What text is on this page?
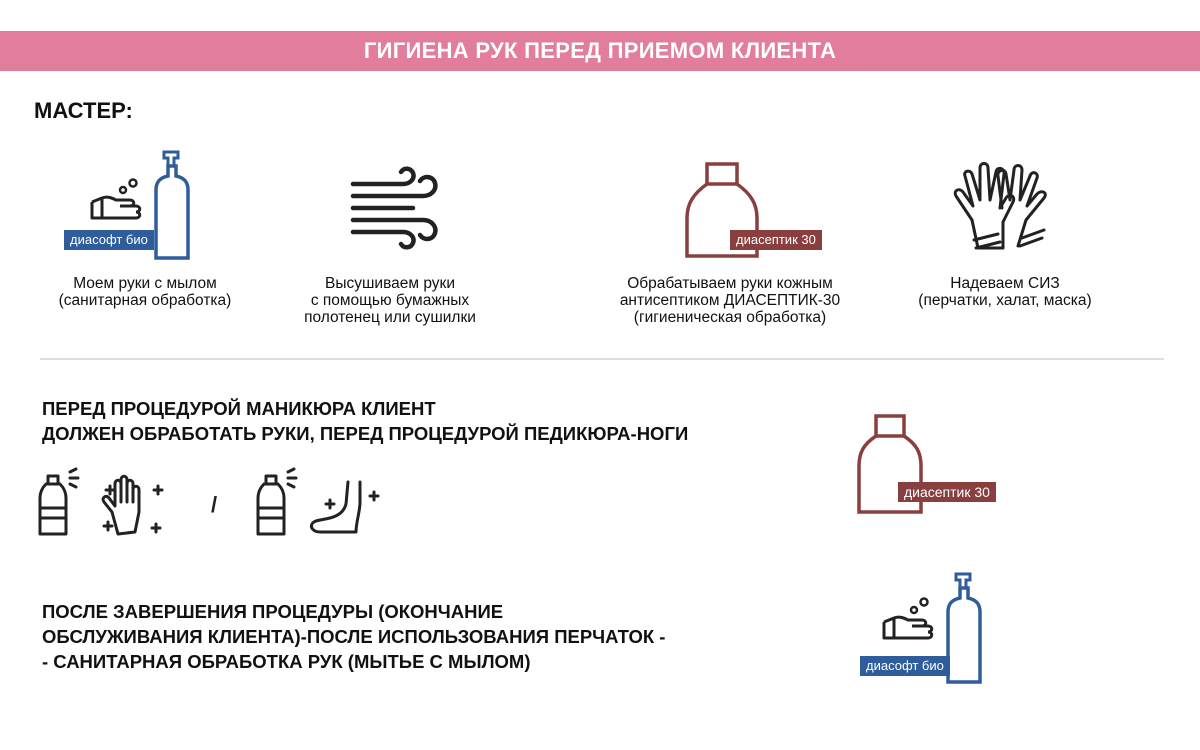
ГИГИЕНА РУК ПЕРЕД ПРИЕМОМ КЛИЕНТА
МАСТЕР:
диасофт био
Моем руки с мылом
(санитарная обработка)
Высушиваем руки
с помощью бумажных
полотенец или сушилки
диасептик 30
Обрабатываем руки кожным
антисептиком ДИАСЕПТИК-30
(гигиеническая обработка)
Надеваем СИЗ
(перчатки, халат, маска)
ПЕРЕД ПРОЦЕДУРОЙ МАНИКЮРА КЛИЕНТ
ДОЛЖЕН ОБРАБОТАТЬ РУКИ, ПЕРЕД ПРОЦЕДУРОЙ ПЕДИКЮРА-НОГИ
/	диасептик 30
ПОСЛЕ ЗАВЕРШЕНИЯ ПРОЦЕДУРЫ (ОКОНЧАНИЕ
ОБСЛУЖИВАНИЯ КЛИЕНТА)-ПОСЛЕ ИСПОЛЬЗОВАНИЯ ПЕРЧАТОК -
- САНИТАРНАЯ ОБРАБОТКА РУК (МЫТЬЕ С МЫЛОМ)	диасофт био
